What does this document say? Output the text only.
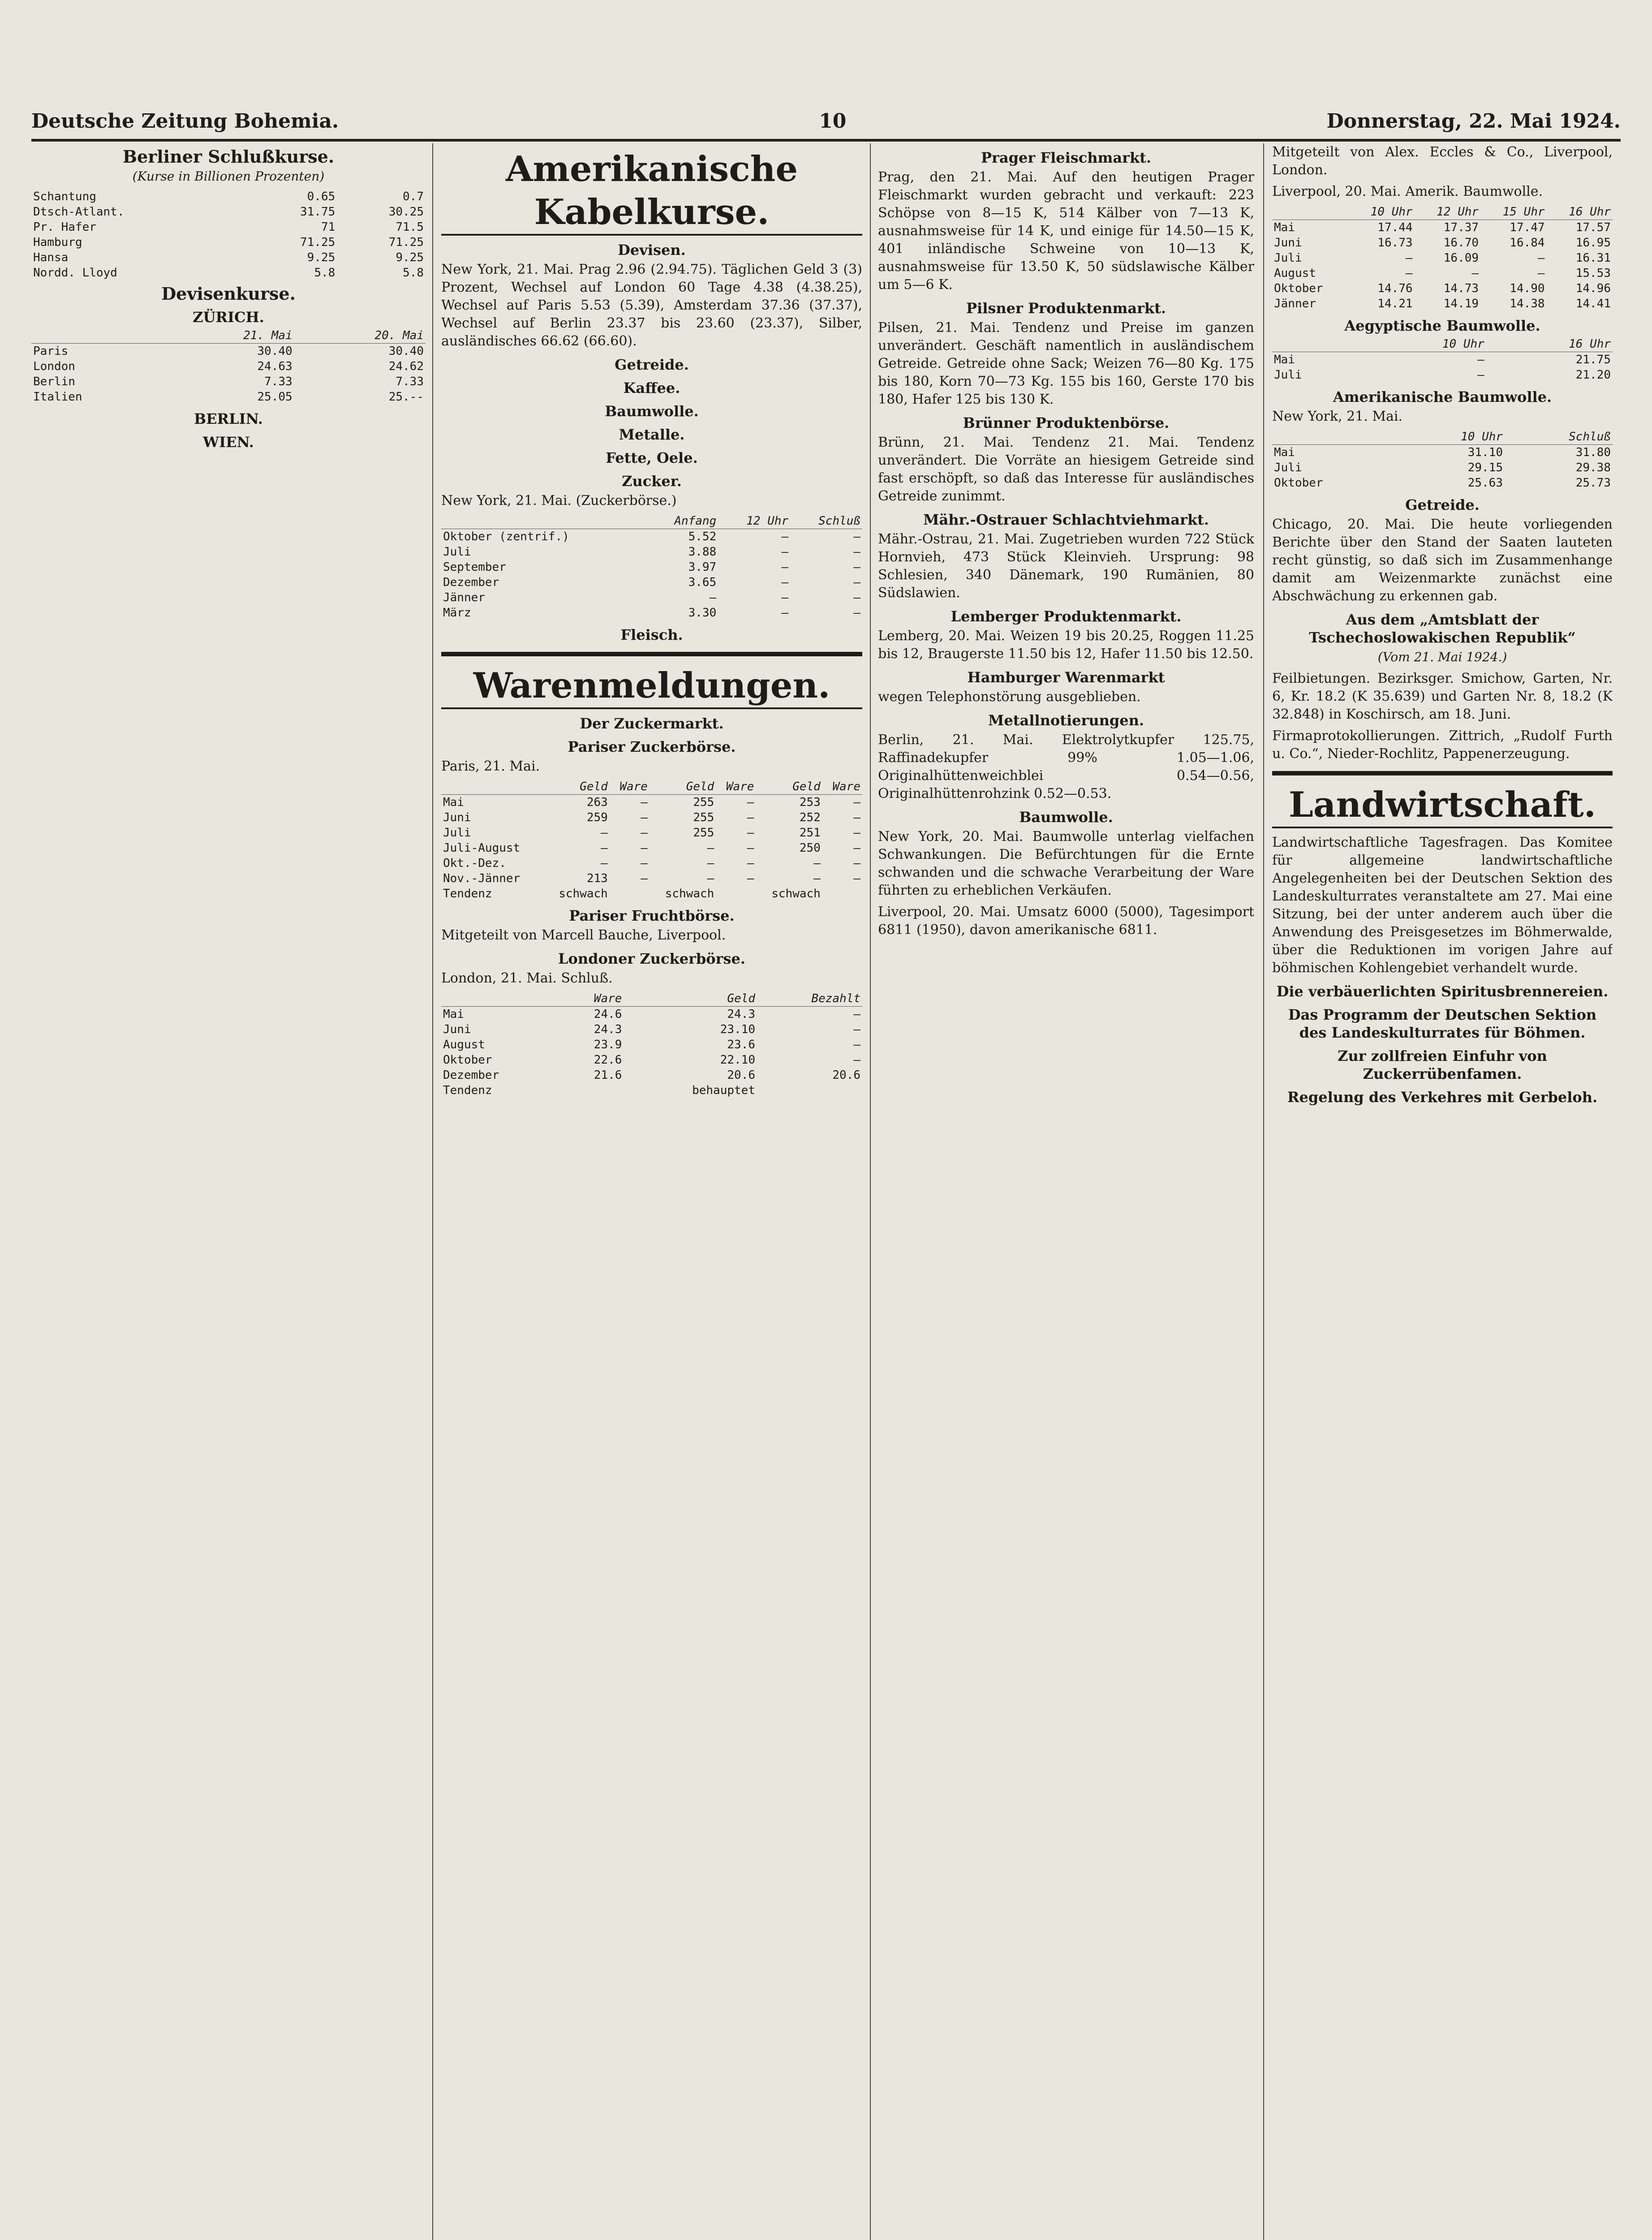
Deutsche Zeitung Bohemia.	10	Donnerstag, 22. Mai 1924.
Berliner Schlußkurse.
(Kurse in Billionen Prozenten)
Schantung	0.65	0.7
Dtsch-Atlant.	31.75	30.25
Pr. Hafer	71	71.5
Hamburg	71.25	71.25
Hansa	9.25	9.25
Nordd. Lloyd	5.8	5.8
Devisenkurse.
ZÜRICH.
	21. Mai	20. Mai
Paris	30.40	30.40
London	24.63	24.62
Berlin	7.33	7.33
Italien	25.05	25.--
BERLIN.
WIEN.
Amerikanische Kabelkurse.
Devisen.

New York, 21. Mai. Prag 2.96 (2.94.75). Täglichen Geld 3 (3) Prozent, Wechsel auf London 60 Tage 4.38 (4.38.25), Wechsel auf Paris 5.53 (5.39), Amsterdam 37.36 (37.37), Wechsel auf Berlin 23.37 bis 23.60 (23.37), Silber, ausländisches 66.62 (66.60).

Getreide.
Kaffee.
Baumwolle.
Metalle.
Fette, Oele.
Zucker.
New York, 21. Mai. (Zuckerbörse.)
	Anfang	12 Uhr	Schluß
Oktober (zentrif.)	5.52	—	—
Juli	3.88	—	—
September	3.97	—	—
Dezember	3.65	—	—
Jänner	—	—	—
März	3.30	—	—
Fleisch.
Warenmeldungen.
Der Zuckermarkt.
Pariser Zuckerbörse.
Paris, 21. Mai.
	Geld	Ware	Geld	Ware	Geld	Ware
Mai	263	—	255	—	253	—
Juni	259	—	255	—	252	—
Juli	—	—	255	—	251	—
Juli-August	—	—	—	—	250	—
Okt.-Dez.	—	—	—	—	—	—
Nov.-Jänner	213	—	—	—	—	—
Tendenz	schwach		schwach		schwach	
Pariser Fruchtbörse.
Mitgeteilt von Marcell Bauche, Liverpool.
Londoner Zuckerbörse.
London, 21. Mai. Schluß.
	Ware	Geld	Bezahlt
Mai	24.6	24.3	—
Juni	24.3	23.10	—
August	23.9	23.6	—
Oktober	22.6	22.10	—
Dezember	21.6	20.6	20.6
Tendenz		behauptet	
Prager Fleischmarkt.

Prag, den 21. Mai. Auf den heutigen Prager Fleischmarkt wurden gebracht und verkauft: 223 Schöpse von 8—15 K, 514 Kälber von 7—13 K, ausnahmsweise für 14 K, und einige für 14.50—15 K, 401 inländische Schweine von 10—13 K, ausnahmsweise für 13.50 K, 50 südslawische Kälber um 5—6 K.

Pilsner Produktenmarkt.

Pilsen, 21. Mai. Tendenz und Preise im ganzen unverändert. Geschäft namentlich in ausländischem Getreide. Getreide ohne Sack; Weizen 76—80 Kg. 175 bis 180, Korn 70—73 Kg. 155 bis 160, Gerste 170 bis 180, Hafer 125 bis 130 K.

Brünner Produktenbörse.

Brünn, 21. Mai. Tendenz 21. Mai. Tendenz unverändert. Die Vorräte an hiesigem Getreide sind fast erschöpft, so daß das Interesse für ausländisches Getreide zunimmt.

Mähr.-Ostrauer Schlachtviehmarkt.

Mähr.-Ostrau, 21. Mai. Zugetrieben wurden 722 Stück Hornvieh, 473 Stück Kleinvieh. Ursprung: 98 Schlesien, 340 Dänemark, 190 Rumänien, 80 Südslawien.

Lemberger Produktenmarkt.

Lemberg, 20. Mai. Weizen 19 bis 20.25, Roggen 11.25 bis 12, Braugerste 11.50 bis 12, Hafer 11.50 bis 12.50.

Hamburger Warenmarkt

wegen Telephonstörung ausgeblieben.

Metallnotierungen.

Berlin, 21. Mai. Elektrolytkupfer 125.75, Raffinadekupfer 99% 1.05—1.06, Originalhüttenweichblei 0.54—0.56, Originalhüttenrohzink 0.52—0.53.

Baumwolle.

New York, 20. Mai. Baumwolle unterlag vielfachen Schwankungen. Die Befürchtungen für die Ernte schwanden und die schwache Verarbeitung der Ware führten zu erheblichen Verkäufen.

Liverpool, 20. Mai. Umsatz 6000 (5000), Tagesimport 6811 (1950), davon amerikanische 6811.

Mitgeteilt von Alex. Eccles & Co., Liverpool, London.
Liverpool, 20. Mai. Amerik. Baumwolle.
	10 Uhr	12 Uhr	15 Uhr	16 Uhr
Mai	17.44	17.37	17.47	17.57
Juni	16.73	16.70	16.84	16.95
Juli	—	16.09	—	16.31
August	—	—	—	15.53
Oktober	14.76	14.73	14.90	14.96
Jänner	14.21	14.19	14.38	14.41
Aegyptische Baumwolle.
	10 Uhr	16 Uhr
Mai	—	21.75
Juli	—	21.20
Amerikanische Baumwolle.
New York, 21. Mai.
	10 Uhr	Schluß
Mai	31.10	31.80
Juli	29.15	29.38
Oktober	25.63	25.73
Getreide.

Chicago, 20. Mai. Die heute vorliegenden Berichte über den Stand der Saaten lauteten recht günstig, so daß sich im Zusammenhange damit am Weizenmarkte zunächst eine Abschwächung zu erkennen gab.

Aus dem „Amtsblatt der Tschechoslowakischen Republik“
(Vom 21. Mai 1924.)

Feilbietungen. Bezirksger. Smichow, Garten, Nr. 6, Kr. 18.2 (K 35.639) und Garten Nr. 8, 18.2 (K 32.848) in Koschirsch, am 18. Juni.

Firmaprotokollierungen. Zittrich, „Rudolf Furth u. Co.“, Nieder-Rochlitz, Pappenerzeugung.

Landwirtschaft.

Landwirtschaftliche Tagesfragen. Das Komitee für allgemeine landwirtschaftliche Angelegenheiten bei der Deutschen Sektion des Landeskulturrates veranstaltete am 27. Mai eine Sitzung, bei der unter anderem auch über die Anwendung des Preisgesetzes im Böhmerwalde, über die Reduktionen im vorigen Jahre auf böhmischen Kohlengebiet verhandelt wurde.

Die verbäuerlichten Spiritusbrennereien.
Das Programm der Deutschen Sektion des Landeskulturrates für Böhmen.
Zur zollfreien Einfuhr von Zuckerrübenfamen.
Regelung des Verkehres mit Gerbeloh.
